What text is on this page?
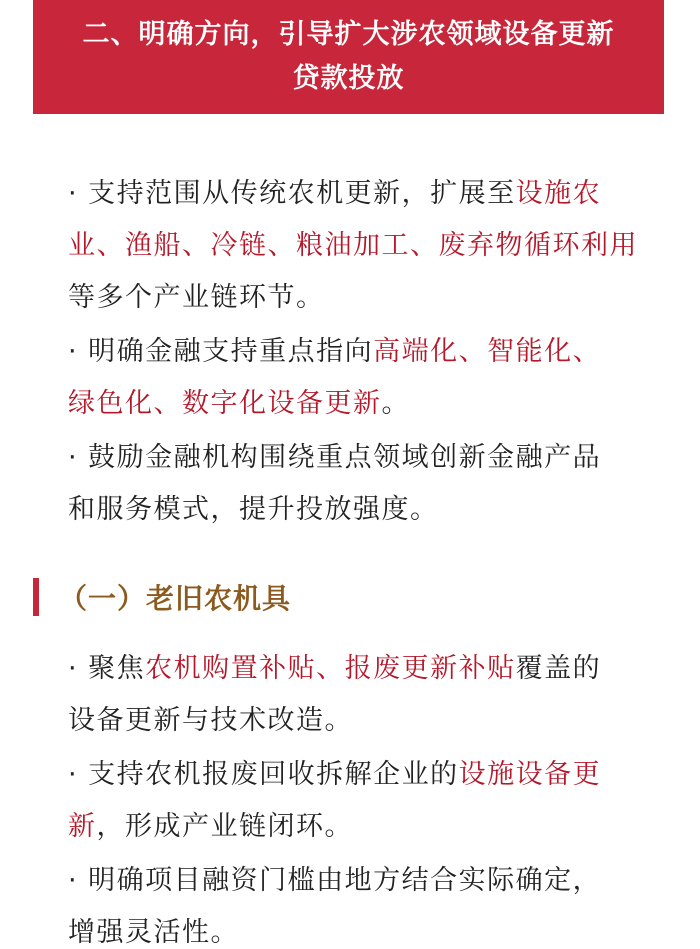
二、明确方向，引导扩大涉农领域设备更新
贷款投放
· 支持范围从传统农机更新，扩展至设施农
业、渔船、冷链、粮油加工、废弃物循环利用
等多个产业链环节。
· 明确金融支持重点指向高端化、智能化、
绿色化、数字化设备更新。
· 鼓励金融机构围绕重点领域创新金融产品
和服务模式，提升投放强度。
（一）老旧农机具
· 聚焦农机购置补贴、报废更新补贴覆盖的
设备更新与技术改造。
· 支持农机报废回收拆解企业的设施设备更
新，形成产业链闭环。
· 明确项目融资门槛由地方结合实际确定，
增强灵活性。
